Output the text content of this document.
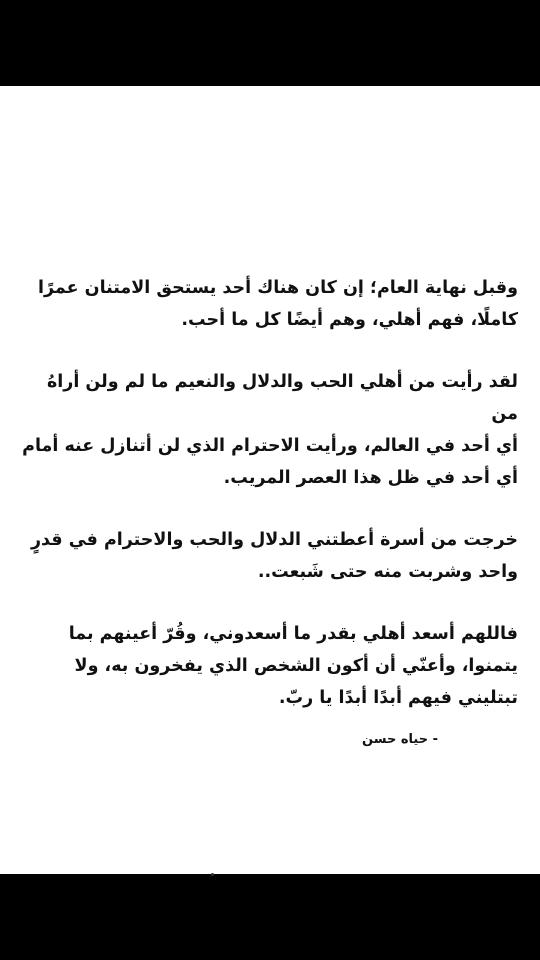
وقبل نهاية العام؛ إن كان هناك أحد يستحق الامتنان عمرًا
كاملًا، فهم أهلي، وهم أيضًا كل ما أحب.

لقد رأيت من أهلي الحب والدلال والنعيم ما لم ولن أراهُ من
أي أحد في العالم، ورأيت الاحترام الذي لن أتنازل عنه أمام
أي أحد في ظل هذا العصر المريب.

خرجت من أسرة أعطتني الدلال والحب والاحترام في قدرٍ
واحد وشربت منه حتى شَبعت..

فاللهم أسعد أهلي بقدر ما أسعدوني، وقُرّ أعينهم بما
يتمنوا، وأعنّي أن أكون الشخص الذي يفخرون به، ولا
تبتليني فيهم أبدًا أبدًا يا ربّ.

- حياه حسن
